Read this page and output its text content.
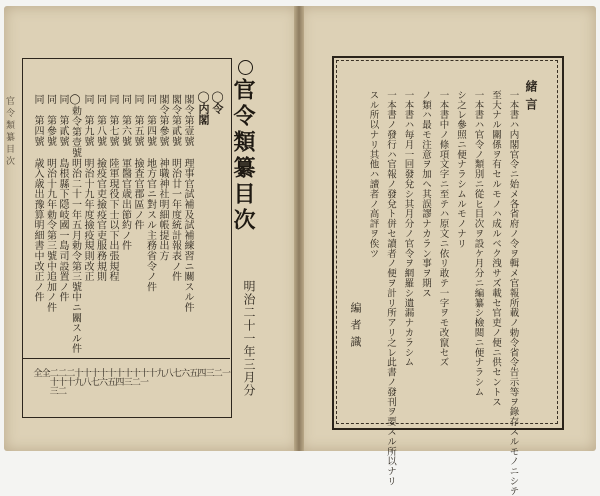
官令類纂目次	官令類纂目次
明治二十一年三月分
◯令
◯内閣
閣令第壹號
理事官試補及試補練習ニ關スル件
閣令第貳號
明治廿一年度統計報表ノ件
閣令第參號
神職神社明細帳提出方
同　第四號
地方官ニ對スル主務省令ノ件
同　第五號
撿査官郡區ノ件
同　第六號
軍醫官歳出節約ノ件
同　第七號
陸軍現役下士以下出張規程
同　第八號
撿疫官吏撿疫官吏服務規則
同　第九號
明治十九年度撿疫規則改正
◯勅令第壹號
明治二十一年五月勅令第三號中ニ關スル件
同　第貳號
島根縣下隠岐國一島司設置ノ件
同　第參號
明治十九年勅令第三號中追加ノ件
同　第四號
歳入歳出豫算明細書中改正ノ件
一
二
三
四
五
六
七
八
九
十
十一
十二
十三
十四
十五
十六
十七
十八
十九
二十
二十二
二十三
全
全
緒言
一本書ハ内閣官令ニ始メ各省府ノ令ヲ輯メ官報所載ノ勅令省令告示等ヲ錄存スルモノニシテ
至大ナル關係ヲ有セルモノハ成ルベク洩サズ載セ官吏ノ便ニ供セントス
一本書ハ官令ノ類別ニ從ヒ目次ヲ設ケ月分ニ編纂シ檢閲ニ便ナラシム
シ之レ參照ニ便ナラシムルモノナリ
一本書中ノ條項文字ニ至テハ原文ニ依リ敢テ一字ヲモ改竄セズ
ノ類ハ最モ注意ヲ加ヘ其誤謬ナカラン事ヲ期ス
一本書ハ毎月一回發兌シ其月分ノ官令ヲ網羅シ遺漏ナカラシム
一本書ノ發行ハ官報ノ發兌ト併セ讀者ノ便ヲ計リ所アリ之レ此書ノ發刊ヲ要スル所以ナリ
スル所以ナリ其他ハ讀者ノ高評ヲ俟ツ
編者識
